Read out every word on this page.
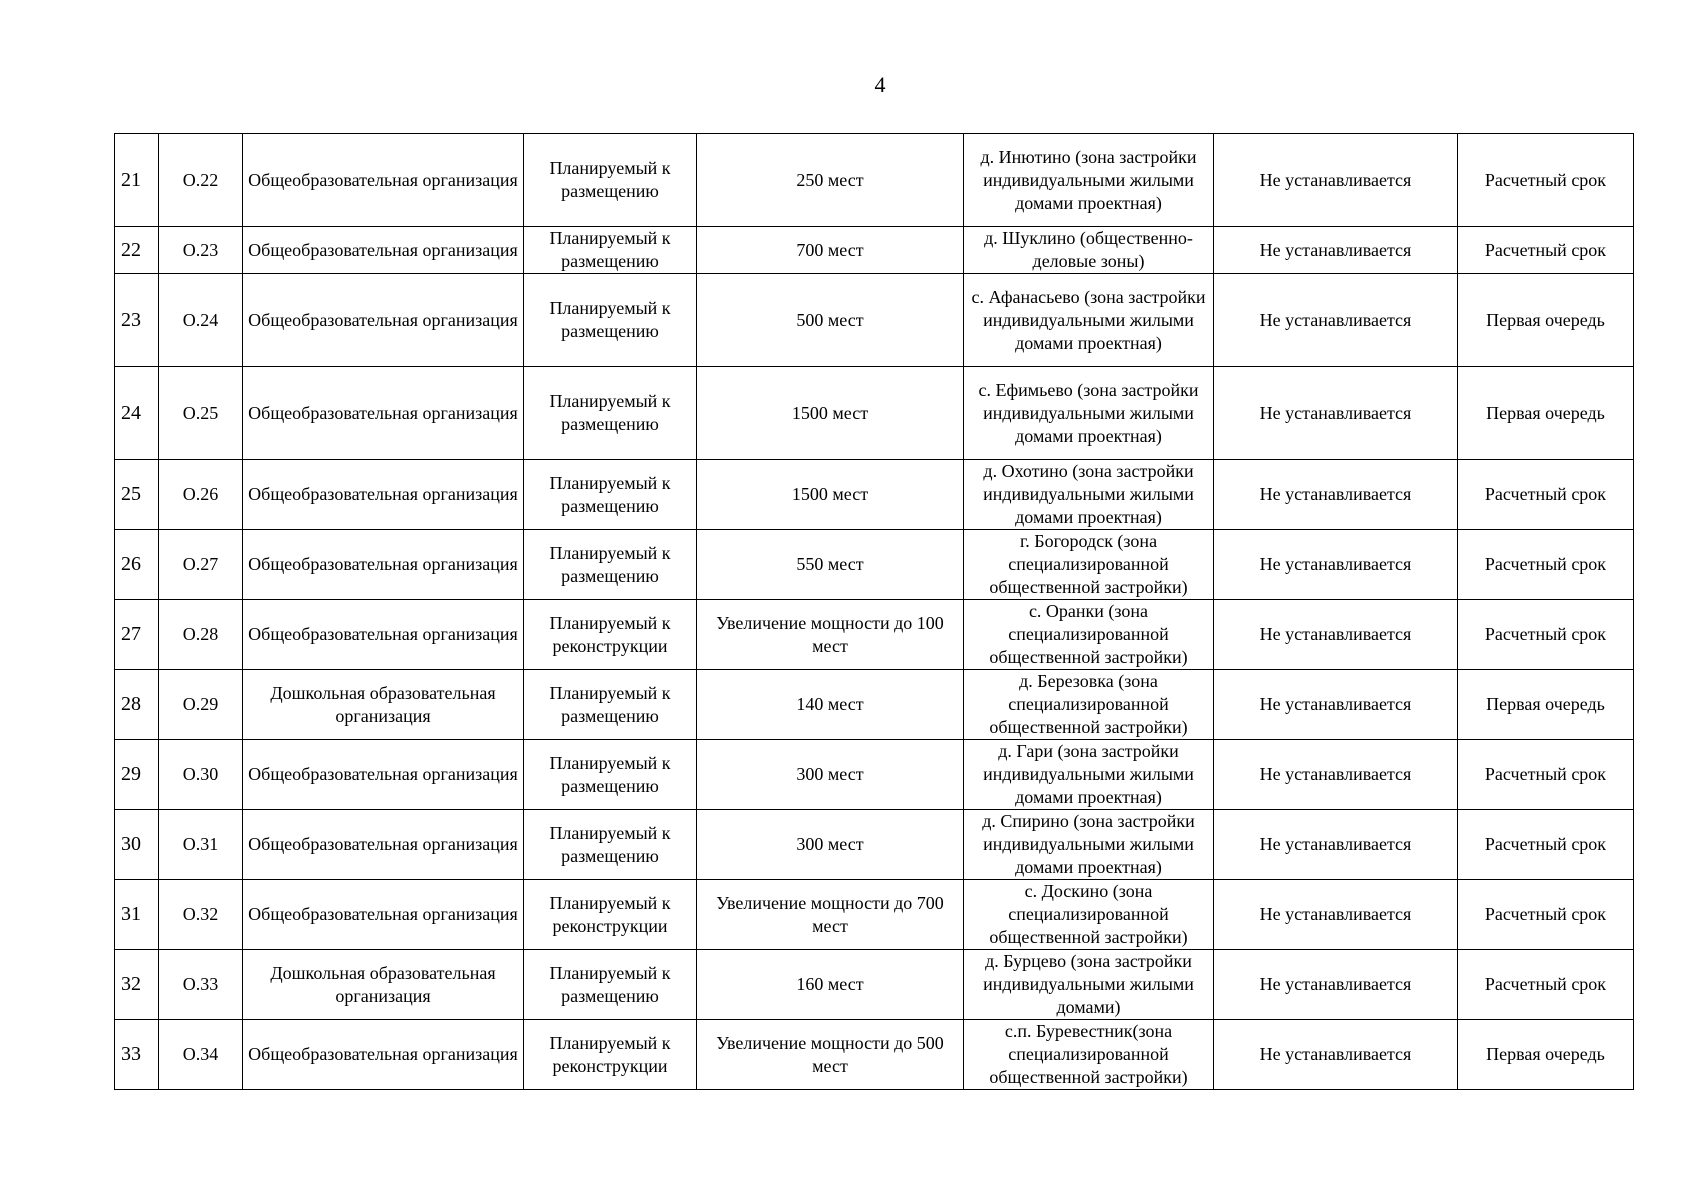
4
21	О.22	Общеобразовательная организация	Планируемый к размещению	250 мест	д. Инютино (зона застройки индивидуальными жилыми домами проектная)	Не устанавливается	Расчетный срок
22	О.23	Общеобразовательная организация	Планируемый к размещению	700 мест	д. Шуклино (общественно-деловые зоны)	Не устанавливается	Расчетный срок
23	О.24	Общеобразовательная организация	Планируемый к размещению	500 мест	с. Афанасьево (зона застройки индивидуальными жилыми домами проектная)	Не устанавливается	Первая очередь
24	О.25	Общеобразовательная организация	Планируемый к размещению	1500 мест	с. Ефимьево (зона застройки индивидуальными жилыми домами проектная)	Не устанавливается	Первая очередь
25	О.26	Общеобразовательная организация	Планируемый к размещению	1500 мест	д. Охотино (зона застройки индивидуальными жилыми домами проектная)	Не устанавливается	Расчетный срок
26	О.27	Общеобразовательная организация	Планируемый к размещению	550 мест	г. Богородск (зона специализированной общественной застройки)	Не устанавливается	Расчетный срок
27	О.28	Общеобразовательная организация	Планируемый к реконструкции	Увеличение мощности до 100 мест	с. Оранки (зона специализированной общественной застройки)	Не устанавливается	Расчетный срок
28	О.29	Дошкольная образовательная организация	Планируемый к размещению	140 мест	д. Березовка (зона специализированной общественной застройки)	Не устанавливается	Первая очередь
29	О.30	Общеобразовательная организация	Планируемый к размещению	300 мест	д. Гари (зона застройки индивидуальными жилыми домами проектная)	Не устанавливается	Расчетный срок
30	О.31	Общеобразовательная организация	Планируемый к размещению	300 мест	д. Спирино (зона застройки индивидуальными жилыми домами проектная)	Не устанавливается	Расчетный срок
31	О.32	Общеобразовательная организация	Планируемый к реконструкции	Увеличение мощности до 700 мест	с. Доскино (зона специализированной общественной застройки)	Не устанавливается	Расчетный срок
32	О.33	Дошкольная образовательная организация	Планируемый к размещению	160 мест	д. Бурцево (зона застройки индивидуальными жилыми домами)	Не устанавливается	Расчетный срок
33	О.34	Общеобразовательная организация	Планируемый к реконструкции	Увеличение мощности до 500 мест	с.п. Буревестник(зона специализированной общественной застройки)	Не устанавливается	Первая очередь
